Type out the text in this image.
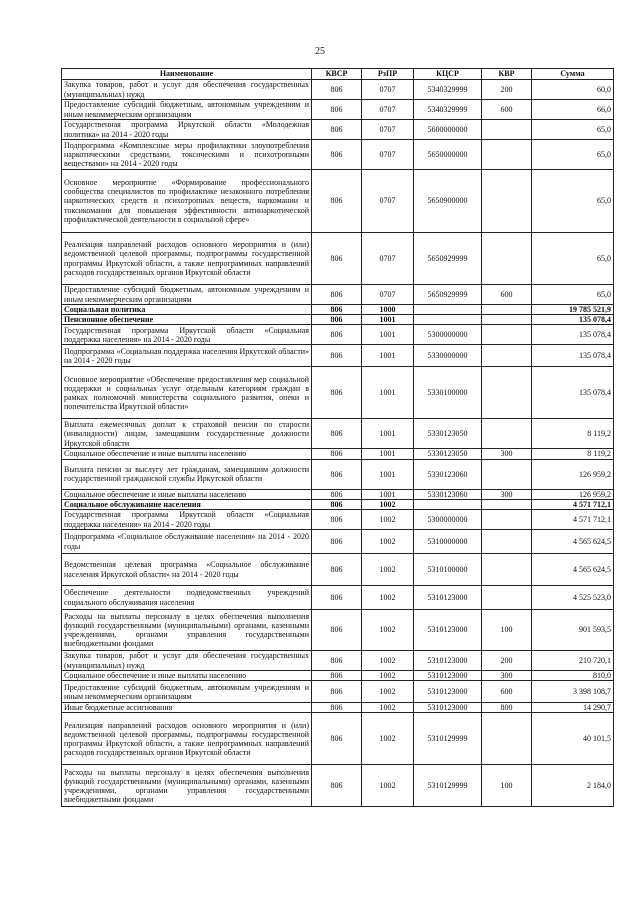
25
Наименование	КВСР	РзПР	КЦСР	КВР	Сумма
Закупка товаров, работ и услуг для обеспечения государственных (муниципальных) нужд	806	0707	5340329999	200	60,0
Предоставление субсидий бюджетным, автономным учреждениям и иным некоммерческим организациям	806	0707	5340329999	600	66,0
Государственная программа Иркутской области «Молодежная политика» на 2014 - 2020 годы	806	0707	5600000000		65,0
Подпрограмма «Комплексные меры профилактики злоупотребления наркотическими средствами, токсическими и психотропными веществами» на 2014 - 2020 годы	806	0707	5650000000		65,0
Основное мероприятие «Формирование профессионального сообщества специалистов по профилактике незаконного потребления наркотических средств и психотропных веществ, наркомании и токсикомании для повышения эффективности антинаркотической профилактической деятельности в социальной сфере»	806	0707	5650900000		65,0
Реализация направлений расходов основного мероприятия и (или) ведомственной целевой программы, подпрограммы государственной программы Иркутской области, а также непрограммных направлений расходов государственных органов Иркутской области	806	0707	5650929999		65,0
Предоставление субсидий бюджетным, автономным учреждениям и иным некоммерческим организациям	806	0707	5650929999	600	65,0
Социальная политика	806	1000			19 785 521,9
Пенсионное обеспечение	806	1001			135 078,4
Государственная программа Иркутской области «Социальная поддержка населения» на 2014 - 2020 годы	806	1001	5300000000		135 078,4
Подпрограмма «Социальная поддержка населения Иркутской области» на 2014 - 2020 годы	806	1001	5330000000		135 078,4
Основное мероприятие «Обеспечение предоставления мер социальной поддержки и социальных услуг отдельным категориям граждан в рамках полномочий министерства социального развития, опеки и попечительства Иркутской области»	806	1001	5330100000		135 078,4
Выплата ежемесячных доплат к страховой пенсии по старости (инвалидности) лицам, замещавшим государственные должности Иркутской области	806	1001	5330123050		8 119,2
Социальное обеспечение и иные выплаты населению	806	1001	5330123050	300	8 119,2
Выплата пенсии за выслугу лет гражданам, замещавшим должности государственной гражданской службы Иркутской области	806	1001	5330123060		126 959,2
Социальное обеспечение и иные выплаты населению	806	1001	5330123060	300	126 959,2
Социальное обслуживание населения	806	1002			4 571 712,1
Государственная программа Иркутской области «Социальная поддержка населения» на 2014 - 2020 годы	806	1002	5300000000		4 571 712,1
Подпрограмма «Социальное обслуживание населения» на 2014 - 2020 годы	806	1002	5310000000		4 565 624,5
Ведомственная целевая программа «Социальное обслуживание населения Иркутской области» на 2014 - 2020 годы	806	1002	5310100000		4 565 624,5
Обеспечение деятельности подведомственных учреждений социального обслуживания населения	806	1002	5310123000		4 525 523,0
Расходы на выплаты персоналу в целях обеспечения выполнения функций государственными (муниципальными) органами, казенными учреждениями, органами управления государственными внебюджетными фондами	806	1002	5310123000	100	901 593,5
Закупка товаров, работ и услуг для обеспечения государственных (муниципальных) нужд	806	1002	5310123000	200	210 720,1
Социальное обеспечение и иные выплаты населению	806	1002	5310123000	300	810,0
Предоставление субсидий бюджетным, автономным учреждениям и иным некоммерческим организациям	806	1002	5310123000	600	3 398 108,7
Иные бюджетные ассигнования	806	1002	5310123000	800	14 290,7
Реализация направлений расходов основного мероприятия и (или) ведомственной целевой программы, подпрограммы государственной программы Иркутской области, а также непрограммных направлений расходов государственных органов Иркутской области	806	1002	5310129999		40 101,5
Расходы на выплаты персоналу в целях обеспечения выполнения функций государственными (муниципальными) органами, казенными учреждениями, органами управления государственными внебюджетными фондами	806	1002	5310129999	100	2 184,0
